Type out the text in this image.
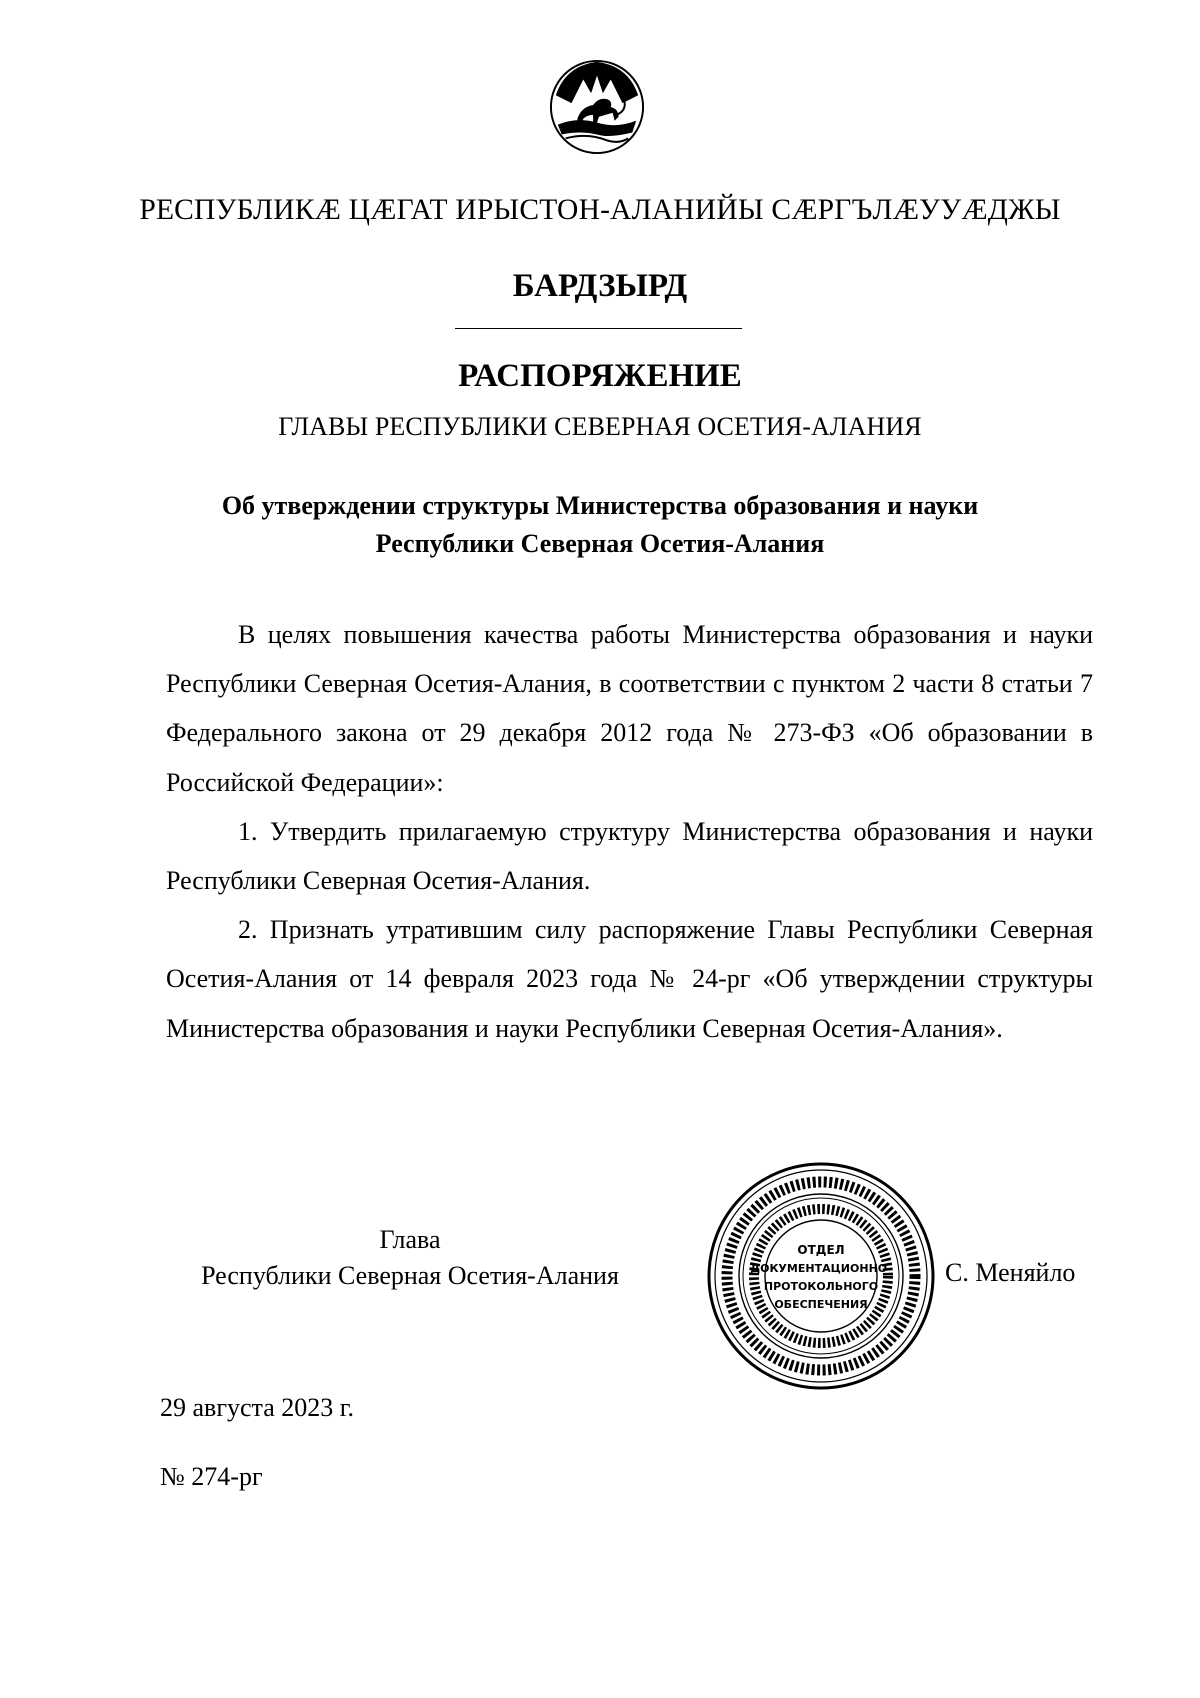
РЕСПУБЛИКÆ ЦÆГАТ ИРЫСТОН-АЛАНИЙЫ СÆРГЪЛÆУУÆДЖЫ
БАРДЗЫРД
РАСПОРЯЖЕНИЕ
ГЛАВЫ РЕСПУБЛИКИ СЕВЕРНАЯ ОСЕТИЯ-АЛАНИЯ
Об утверждении структуры Министерства образования и науки
Республики Северная Осетия-Алания

В целях повышения качества работы Министерства образования и науки Республики Северная Осетия-Алания, в соответствии с пунктом 2 части 8 статьи 7 Федерального закона от 29 декабря 2012 года № 273-ФЗ «Об образовании в Российской Федерации»:

1. Утвердить прилагаемую структуру Министерства образования и науки Республики Северная Осетия-Алания.

2. Признать утратившим силу распоряжение Главы Республики Северная Осетия-Алания от 14 февраля 2023 года № 24-рг «Об утверждении структуры Министерства образования и науки Республики Северная Осетия-Алания».

Глава
Республики Северная Осетия-Алания
ОТДЕЛ
ДОКУМЕНТАЦИОННО-
ПРОТОКОЛЬНОГО
ОБЕСПЕЧЕНИЯ
С. Меняйло
29 августа 2023 г.
№ 274-рг
